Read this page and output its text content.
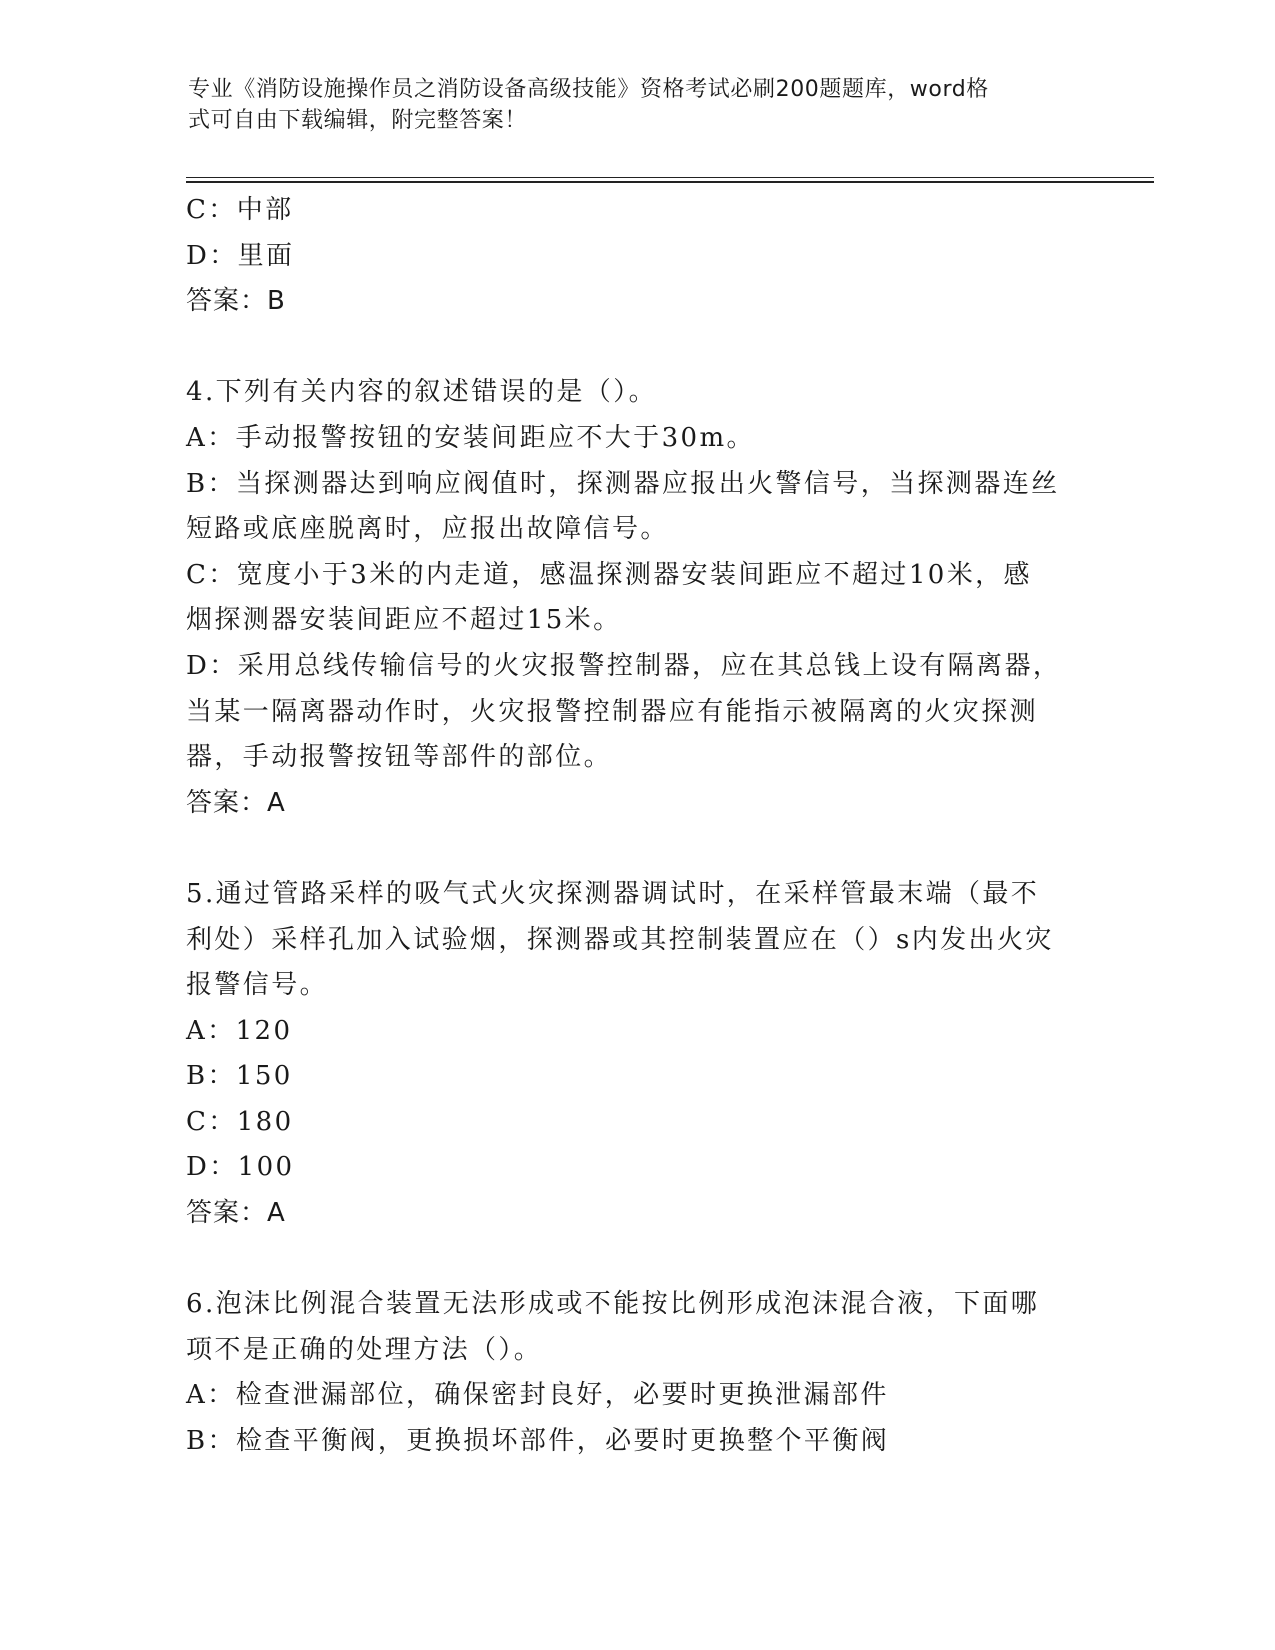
专业《消防设施操作员之消防设备高级技能》资格考试必刷200题题库，word格
式可自由下载编辑，附完整答案！
C：中部
D：里面
答案：B
4.下列有关内容的叙述错误的是（）。
A：手动报警按钮的安装间距应不大于30m。
B：当探测器达到响应阀值时，探测器应报出火警信号，当探测器连丝
短路或底座脱离时，应报出故障信号。
C：宽度小于3米的内走道，感温探测器安装间距应不超过10米，感
烟探测器安装间距应不超过15米。
D：采用总线传输信号的火灾报警控制器，应在其总钱上设有隔离器，
当某一隔离器动作时，火灾报警控制器应有能指示被隔离的火灾探测
器，手动报警按钮等部件的部位。
答案：A
5.通过管路采样的吸气式火灾探测器调试时，在采样管最末端（最不
利处）采样孔加入试验烟，探测器或其控制装置应在（）s内发出火灾
报警信号。
A：120
B：150
C：180
D：100
答案：A
6.泡沫比例混合装置无法形成或不能按比例形成泡沫混合液，下面哪
项不是正确的处理方法（）。
A：检查泄漏部位，确保密封良好，必要时更换泄漏部件
B：检查平衡阀，更换损坏部件，必要时更换整个平衡阀
